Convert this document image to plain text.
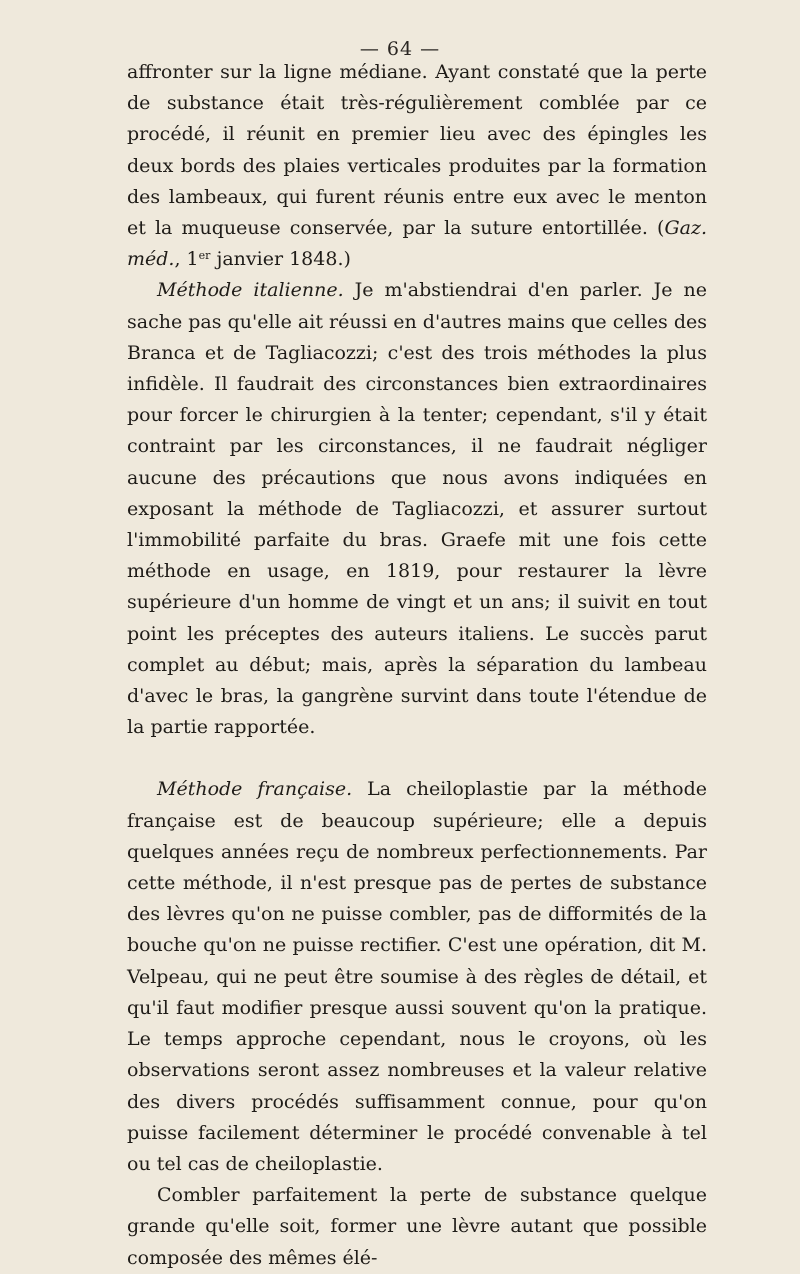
— 64 —

affronter sur la ligne médiane. Ayant constaté que la perte de substance était très-régulièrement comblée par ce procédé, il réunit en premier lieu avec des épingles les deux bords des plaies verticales produites par la formation des lambeaux, qui furent réunis entre eux avec le menton et la muqueuse conservée, par la suture entortillée. (Gaz. méd., 1er janvier 1848.)

Méthode italienne. Je m'abstiendrai d'en parler. Je ne sache pas qu'elle ait réussi en d'autres mains que celles des Branca et de Tagliacozzi; c'est des trois méthodes la plus infidèle. Il faudrait des circonstances bien extraordinaires pour forcer le chirurgien à la tenter; cependant, s'il y était contraint par les circonstances, il ne faudrait négliger aucune des précautions que nous avons indiquées en exposant la méthode de Tagliacozzi, et assurer surtout l'immobilité parfaite du bras. Graefe mit une fois cette méthode en usage, en 1819, pour restaurer la lèvre supérieure d'un homme de vingt et un ans; il suivit en tout point les préceptes des auteurs italiens. Le succès parut complet au début; mais, après la séparation du lambeau d'avec le bras, la gangrène survint dans toute l'étendue de la partie rapportée.

Méthode française. La cheiloplastie par la méthode française est de beaucoup supérieure; elle a depuis quelques années reçu de nombreux perfectionnements. Par cette méthode, il n'est presque pas de pertes de substance des lèvres qu'on ne puisse combler, pas de difformités de la bouche qu'on ne puisse rectifier. C'est une opération, dit M. Velpeau, qui ne peut être soumise à des règles de détail, et qu'il faut modifier presque aussi souvent qu'on la pratique. Le temps approche cependant, nous le croyons, où les observations seront assez nombreuses et la valeur relative des divers procédés suffisamment connue, pour qu'on puisse facilement déterminer le procédé convenable à tel ou tel cas de cheiloplastie.

Combler parfaitement la perte de substance quelque grande qu'elle soit, former une lèvre autant que possible composée des mêmes élé-
